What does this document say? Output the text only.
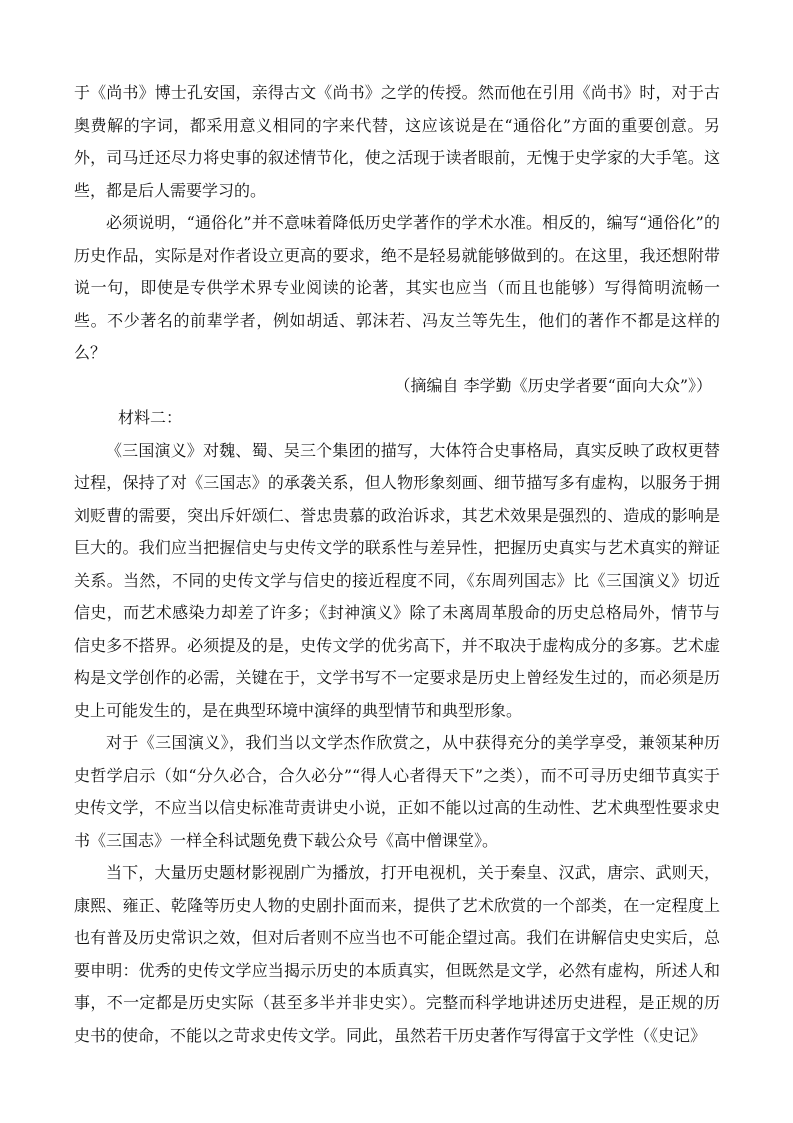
于《尚书》博士孔安国，亲得古文《尚书》之学的传授。然而他在引用《尚书》时，对于古奥费解的字词，都采用意义相同的字来代替，这应该说是在“通俗化”方面的重要创意。另外，司马迁还尽力将史事的叙述情节化，使之活现于读者眼前，无愧于史学家的大手笔。这些，都是后人需要学习的。

必须说明，“通俗化”并不意味着降低历史学著作的学术水准。相反的，编写“通俗化”的历史作品，实际是对作者设立更高的要求，绝不是轻易就能够做到的。在这里，我还想附带说一句，即使是专供学术界专业阅读的论著，其实也应当（而且也能够）写得简明流畅一些。不少著名的前辈学者，例如胡适、郭沫若、冯友兰等先生，他们的著作不都是这样的么？

（摘编自 李学勤《历史学者要“面向大众”》）

材料二：

《三国演义》对魏、蜀、吴三个集团的描写，大体符合史事格局，真实反映了政权更替过程，保持了对《三国志》的承袭关系，但人物形象刻画、细节描写多有虚构，以服务于拥刘贬曹的需要，突出斥奸颂仁、誉忠贵慕的政治诉求，其艺术效果是强烈的、造成的影响是巨大的。我们应当把握信史与史传文学的联系性与差异性，把握历史真实与艺术真实的辩证关系。当然，不同的史传文学与信史的接近程度不同，《东周列国志》比《三国演义》切近信史，而艺术感染力却差了许多；《封神演义》除了未离周革殷命的历史总格局外，情节与信史多不搭界。必须提及的是，史传文学的优劣高下，并不取决于虚构成分的多寡。艺术虚构是文学创作的必需，关键在于，文学书写不一定要求是历史上曾经发生过的，而必须是历史上可能发生的，是在典型环境中演绎的典型情节和典型形象。

对于《三国演义》，我们当以文学杰作欣赏之，从中获得充分的美学享受，兼领某种历史哲学启示（如“分久必合，合久必分”“得人心者得天下”之类），而不可寻历史细节真实于史传文学，不应当以信史标准苛责讲史小说，正如不能以过高的生动性、艺术典型性要求史书《三国志》一样全科试题免费下载公众号《高中僧课堂》。

当下，大量历史题材影视剧广为播放，打开电视机，关于秦皇、汉武，唐宗、武则天，康熙、雍正、乾隆等历史人物的史剧扑面而来，提供了艺术欣赏的一个部类，在一定程度上也有普及历史常识之效，但对后者则不应当也不可能企望过高。我们在讲解信史史实后，总要申明：优秀的史传文学应当揭示历史的本质真实，但既然是文学，必然有虚构，所述人和事，不一定都是历史实际（甚至多半并非史实）。完整而科学地讲述历史进程，是正规的历史书的使命，不能以之苛求史传文学。同此，虽然若干历史著作写得富于文学性（《史记》
